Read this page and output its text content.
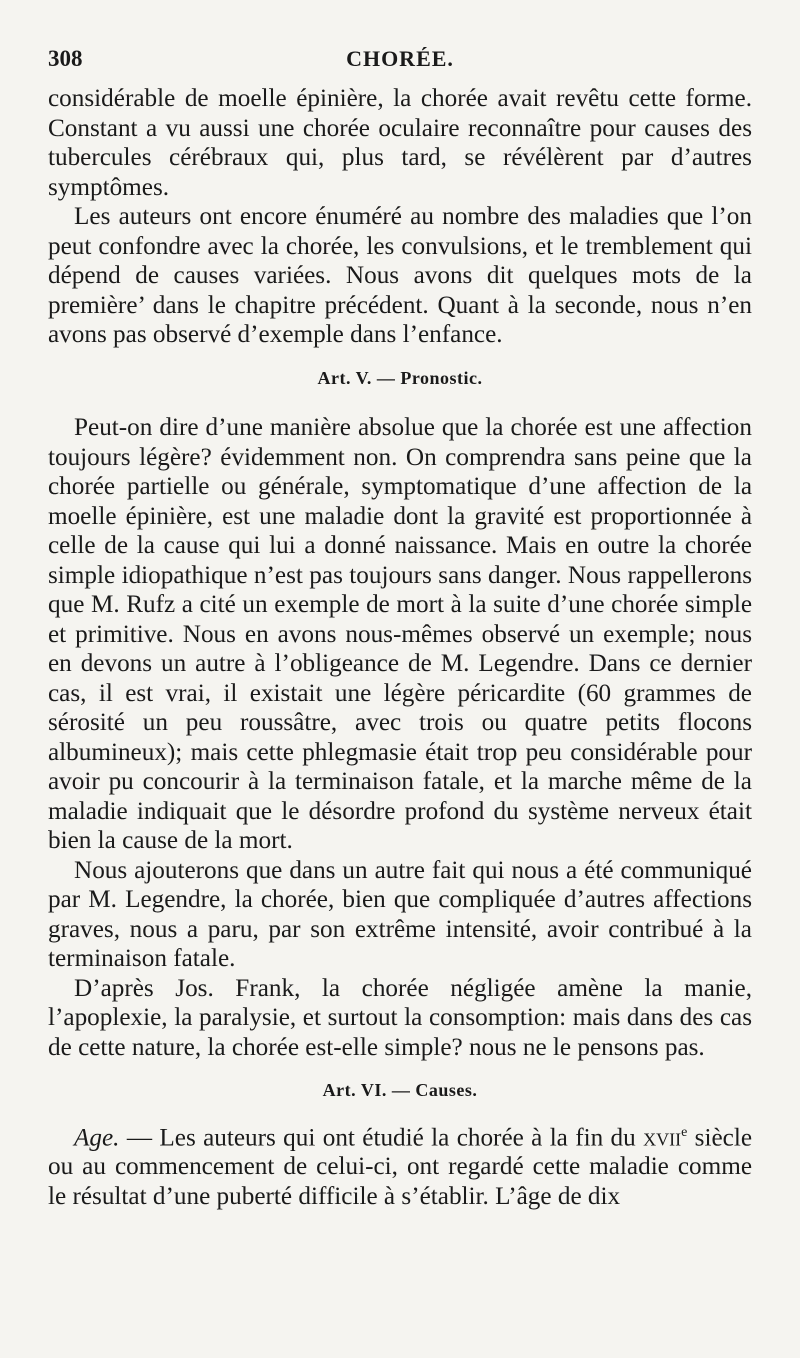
308	CHORÉE.

considérable de moelle épinière, la chorée avait revêtu cette forme. Constant a vu aussi une chorée oculaire reconnaître pour causes des tubercules cérébraux qui, plus tard, se révélèrent par d’autres symptômes.

Les auteurs ont encore énuméré au nombre des maladies que l’on peut confondre avec la chorée, les convulsions, et le tremblement qui dépend de causes variées. Nous avons dit quelques mots de la première’ dans le chapitre précédent. Quant à la seconde, nous n’en avons pas observé d’exemple dans l’enfance.

Art. V. — Pronostic.

Peut-on dire d’une manière absolue que la chorée est une affection toujours légère? évidemment non. On comprendra sans peine que la chorée partielle ou générale, symptomatique d’une affection de la moelle épinière, est une maladie dont la gravité est proportionnée à celle de la cause qui lui a donné naissance. Mais en outre la chorée simple idiopathique n’est pas toujours sans danger. Nous rappellerons que M. Rufz a cité un exemple de mort à la suite d’une chorée simple et primitive. Nous en avons nous-mêmes observé un exemple; nous en devons un autre à l’obligeance de M. Legendre. Dans ce dernier cas, il est vrai, il existait une légère péricardite (60 grammes de sérosité un peu roussâtre, avec trois ou quatre petits flocons albumineux); mais cette phlegmasie était trop peu considérable pour avoir pu concourir à la terminaison fatale, et la marche même de la maladie indiquait que le désordre profond du système nerveux était bien la cause de la mort.

Nous ajouterons que dans un autre fait qui nous a été communiqué par M. Legendre, la chorée, bien que compliquée d’autres affections graves, nous a paru, par son extrême intensité, avoir contribué à la terminaison fatale.

D’après Jos. Frank, la chorée négligée amène la manie, l’apoplexie, la paralysie, et surtout la consomption: mais dans des cas de cette nature, la chorée est-elle simple? nous ne le pensons pas.

Art. VI. — Causes.

Age. — Les auteurs qui ont étudié la chorée à la fin du xvii$^e$ siècle ou au commencement de celui-ci, ont regardé cette maladie comme le résultat d’une puberté difficile à s’établir. L’âge de dix
